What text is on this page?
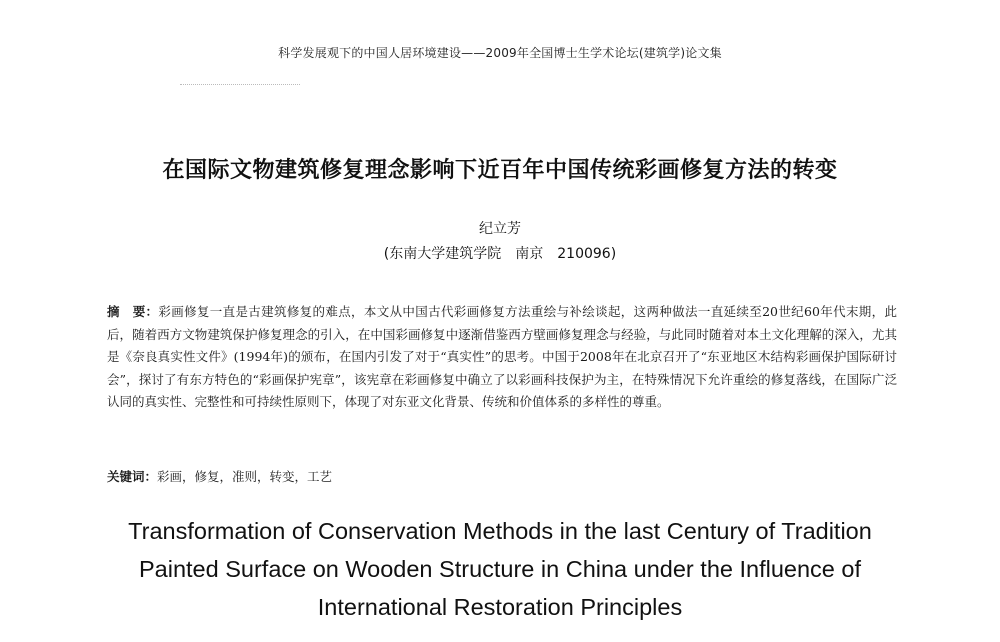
科学发展观下的中国人居环境建设——2009年全国博士生学术论坛(建筑学)论文集
在国际文物建筑修复理念影响下近百年中国传统彩画修复方法的转变
纪立芳
(东南大学建筑学院 南京 210096)
摘　要：彩画修复一直是古建筑修复的难点，本文从中国古代彩画修复方法重绘与补绘谈起，这两种做法一直延续至20世纪60年代末期，此后，随着西方文物建筑保护修复理念的引入，在中国彩画修复中逐渐借鉴西方壁画修复理念与经验，与此同时随着对本土文化理解的深入，尤其是《奈良真实性文件》(1994年)的颁布，在国内引发了对于“真实性”的思考。中国于2008年在北京召开了“东亚地区木结构彩画保护国际研讨会”，探讨了有东方特色的“彩画保护宪章”，该宪章在彩画修复中确立了以彩画科技保护为主，在特殊情况下允许重绘的修复落线，在国际广泛认同的真实性、完整性和可持续性原则下，体现了对东亚文化背景、传统和价值体系的多样性的尊重。
关键词：彩画，修复，准则，转变，工艺
Transformation of Conservation Methods in the last Century of Tradition Painted Surface on Wooden Structure in China under the Influence of International Restoration Principles
